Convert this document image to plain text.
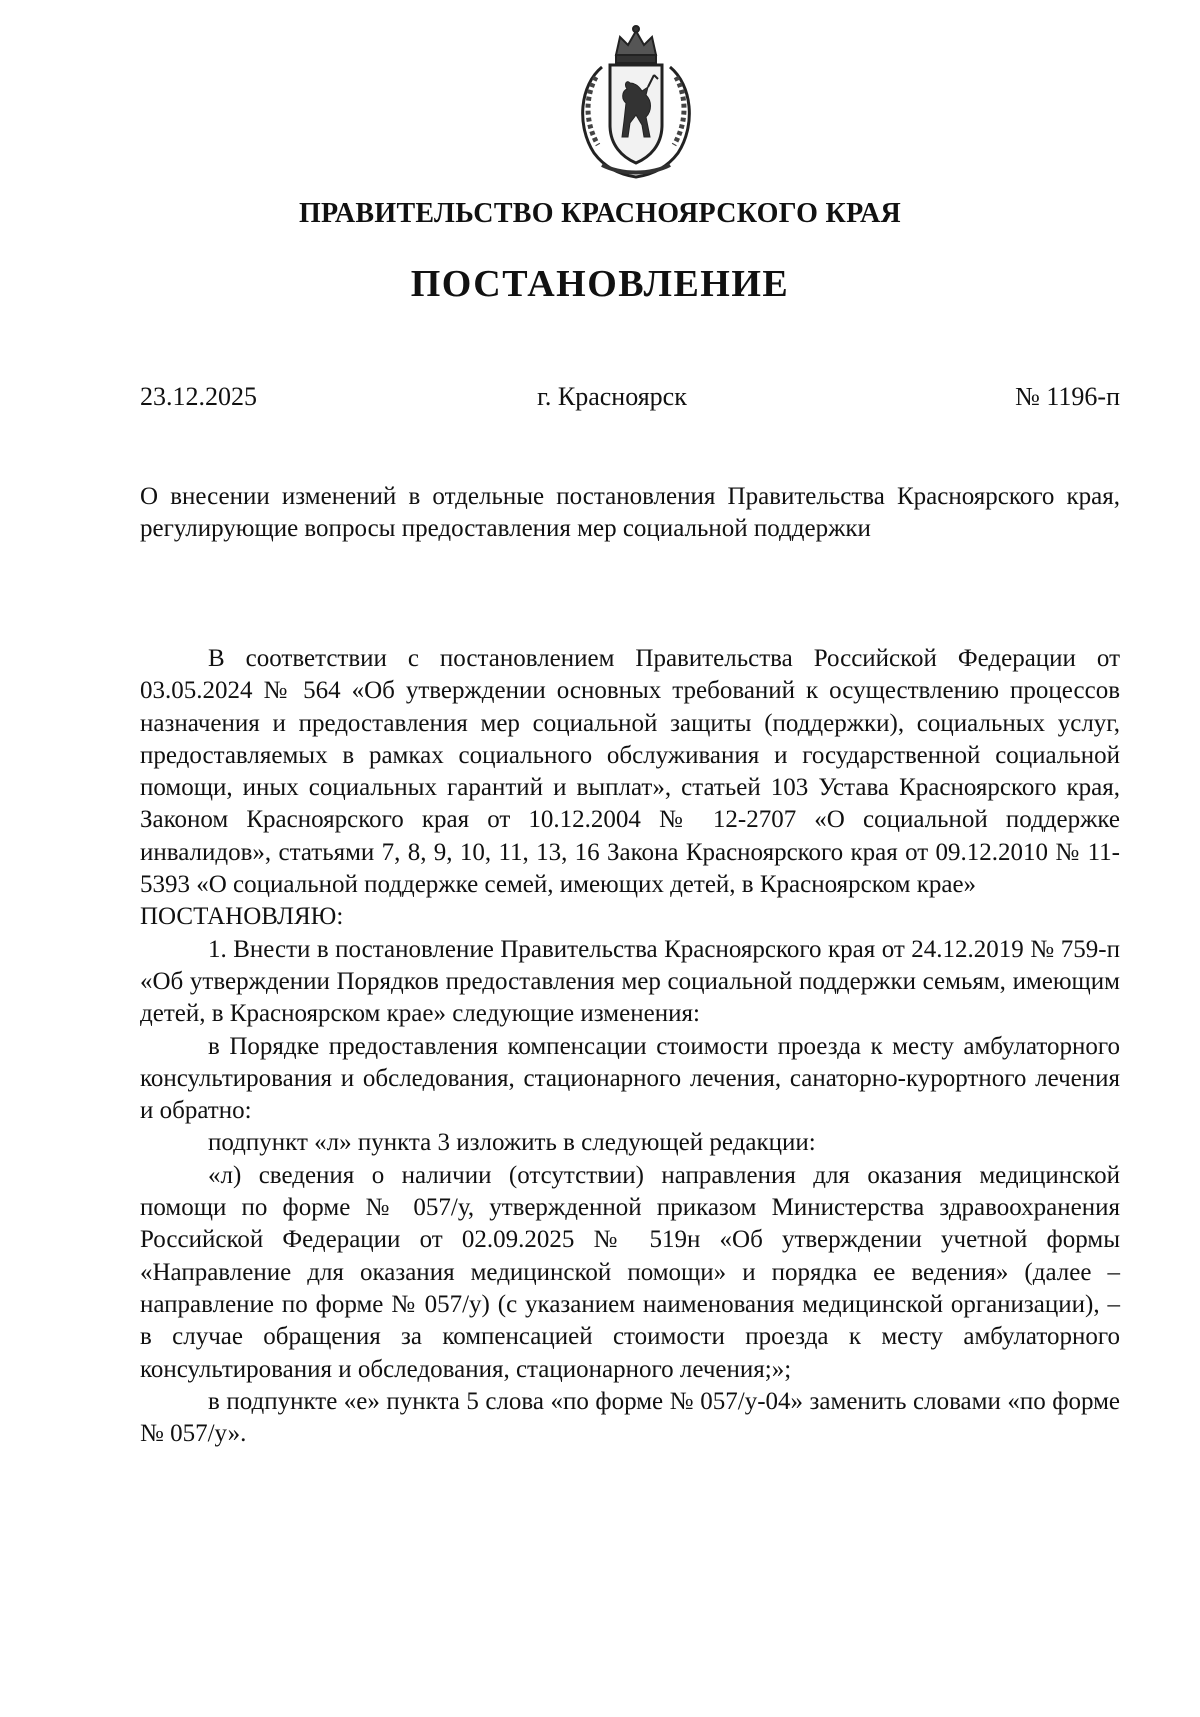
ПРАВИТЕЛЬСТВО КРАСНОЯРСКОГО КРАЯ
ПОСТАНОВЛЕНИЕ
23.12.2025	г. Красноярск	№ 1196-п
О внесении изменений в отдельные постановления Правительства Красноярского края, регулирующие вопросы предоставления мер социальной поддержки

В соответствии с постановлением Правительства Российской Федерации от 03.05.2024 № 564 «Об утверждении основных требований к осуществлению процессов назначения и предоставления мер социальной защиты (поддержки), социальных услуг, предоставляемых в рамках социального обслуживания и государственной социальной помощи, иных социальных гарантий и выплат», статьей 103 Устава Красноярского края, Законом Красноярского края от 10.12.2004 № 12-2707 «О социальной поддержке инвалидов», статьями 7, 8, 9, 10, 11, 13, 16 Закона Красноярского края от 09.12.2010 № 11-5393 «О социальной поддержке семей, имеющих детей, в Красноярском крае»

ПОСТАНОВЛЯЮ:

1. Внести в постановление Правительства Красноярского края от 24.12.2019 № 759-п «Об утверждении Порядков предоставления мер социальной поддержки семьям, имеющим детей, в Красноярском крае» следующие изменения:

в Порядке предоставления компенсации стоимости проезда к месту амбулаторного консультирования и обследования, стационарного лечения, санаторно-курортного лечения и обратно:

подпункт «л» пункта 3 изложить в следующей редакции:

«л) сведения о наличии (отсутствии) направления для оказания медицинской помощи по форме № 057/у, утвержденной приказом Министерства здравоохранения Российской Федерации от 02.09.2025 № 519н «Об утверждении учетной формы «Направление для оказания медицинской помощи» и порядка ее ведения» (далее – направление по форме № 057/у) (с указанием наименования медицинской организации), – в случае обращения за компенсацией стоимости проезда к месту амбулаторного консультирования и обследования, стационарного лечения;»;

в подпункте «е» пункта 5 слова «по форме № 057/у-04» заменить словами «по форме № 057/у».
